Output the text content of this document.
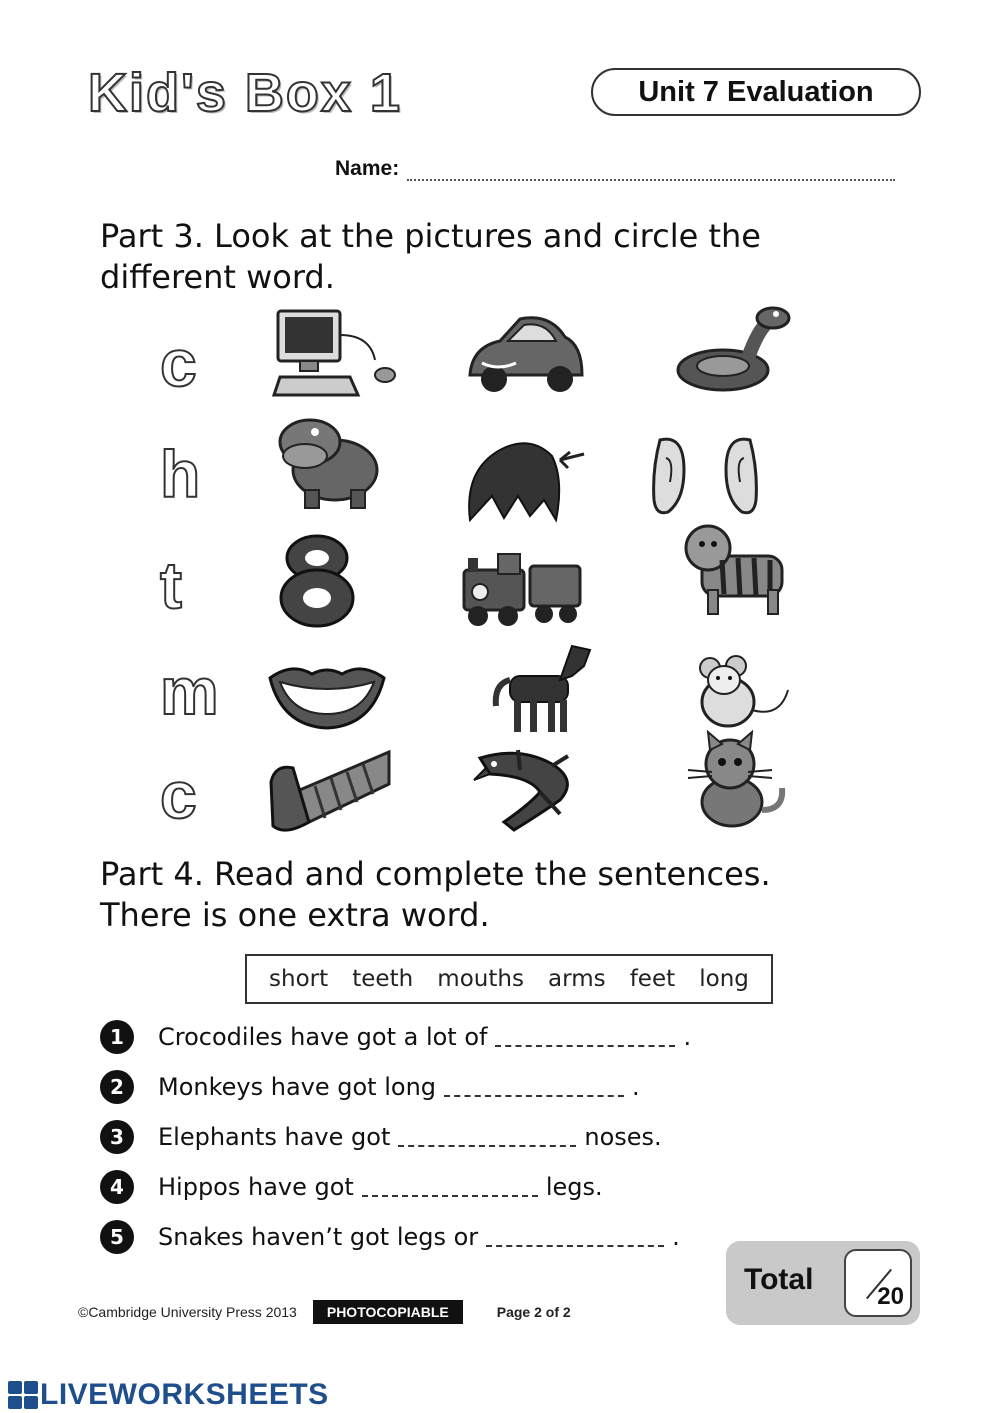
Kid's Box 1	Unit 7 Evaluation
Name:
Part 3. Look at the pictures and circle the
different word.
c
h
t
m
c
Part 4. Read and complete the sentences.
There is one extra word.
short teeth mouths arms feet long
1	Crocodiles have got a lot of	.
2	Monkeys have got long	.
3	Elephants have got	noses.
4	Hippos have got	legs.
5	Snakes haven’t got legs or	.
Total
20
©Cambridge University Press 2013	PHOTOCOPIABLE	Page 2 of 2
LIVEWORKSHEETS
